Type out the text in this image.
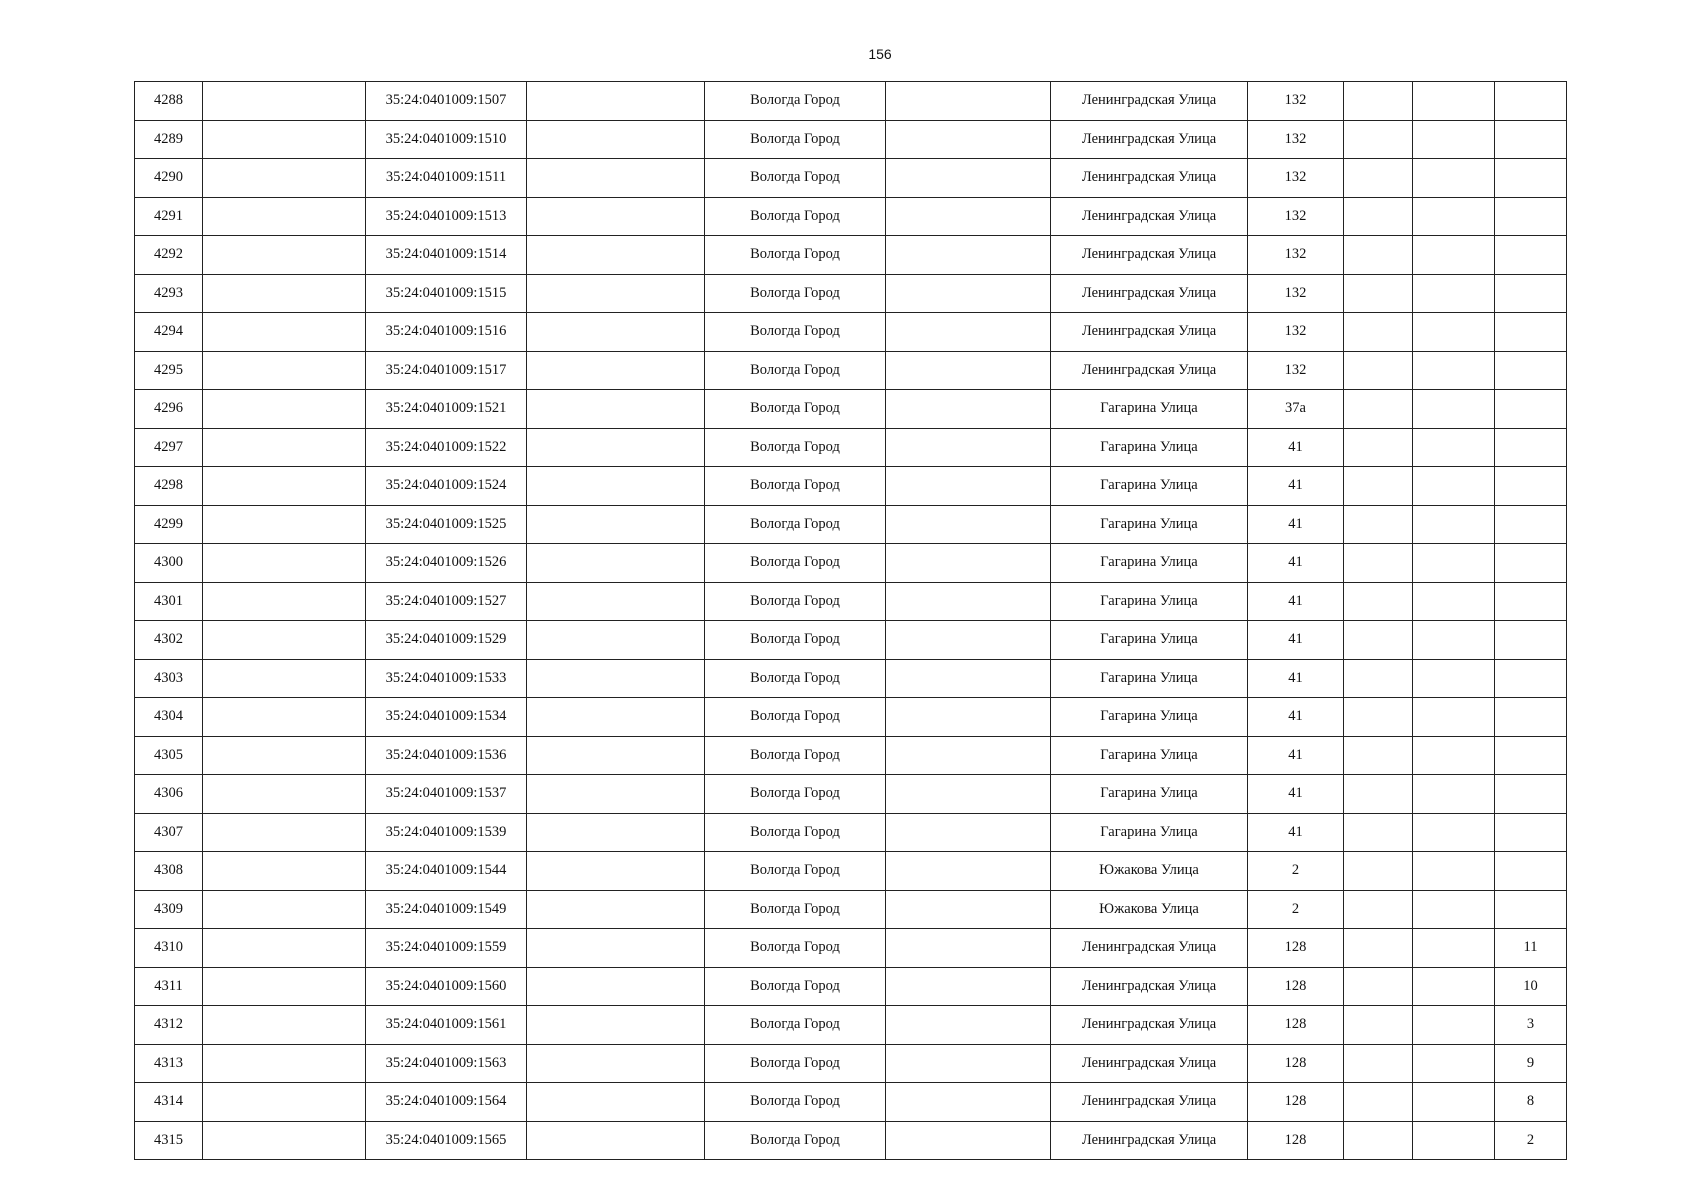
156
4288		35:24:0401009:1507		Вологда Город		Ленинградская Улица	132			
4289		35:24:0401009:1510		Вологда Город		Ленинградская Улица	132			
4290		35:24:0401009:1511		Вологда Город		Ленинградская Улица	132			
4291		35:24:0401009:1513		Вологда Город		Ленинградская Улица	132			
4292		35:24:0401009:1514		Вологда Город		Ленинградская Улица	132			
4293		35:24:0401009:1515		Вологда Город		Ленинградская Улица	132			
4294		35:24:0401009:1516		Вологда Город		Ленинградская Улица	132			
4295		35:24:0401009:1517		Вологда Город		Ленинградская Улица	132			
4296		35:24:0401009:1521		Вологда Город		Гагарина Улица	37а			
4297		35:24:0401009:1522		Вологда Город		Гагарина Улица	41			
4298		35:24:0401009:1524		Вологда Город		Гагарина Улица	41			
4299		35:24:0401009:1525		Вологда Город		Гагарина Улица	41			
4300		35:24:0401009:1526		Вологда Город		Гагарина Улица	41			
4301		35:24:0401009:1527		Вологда Город		Гагарина Улица	41			
4302		35:24:0401009:1529		Вологда Город		Гагарина Улица	41			
4303		35:24:0401009:1533		Вологда Город		Гагарина Улица	41			
4304		35:24:0401009:1534		Вологда Город		Гагарина Улица	41			
4305		35:24:0401009:1536		Вологда Город		Гагарина Улица	41			
4306		35:24:0401009:1537		Вологда Город		Гагарина Улица	41			
4307		35:24:0401009:1539		Вологда Город		Гагарина Улица	41			
4308		35:24:0401009:1544		Вологда Город		Южакова Улица	2			
4309		35:24:0401009:1549		Вологда Город		Южакова Улица	2			
4310		35:24:0401009:1559		Вологда Город		Ленинградская Улица	128			11
4311		35:24:0401009:1560		Вологда Город		Ленинградская Улица	128			10
4312		35:24:0401009:1561		Вологда Город		Ленинградская Улица	128			3
4313		35:24:0401009:1563		Вологда Город		Ленинградская Улица	128			9
4314		35:24:0401009:1564		Вологда Город		Ленинградская Улица	128			8
4315		35:24:0401009:1565		Вологда Город		Ленинградская Улица	128			2
